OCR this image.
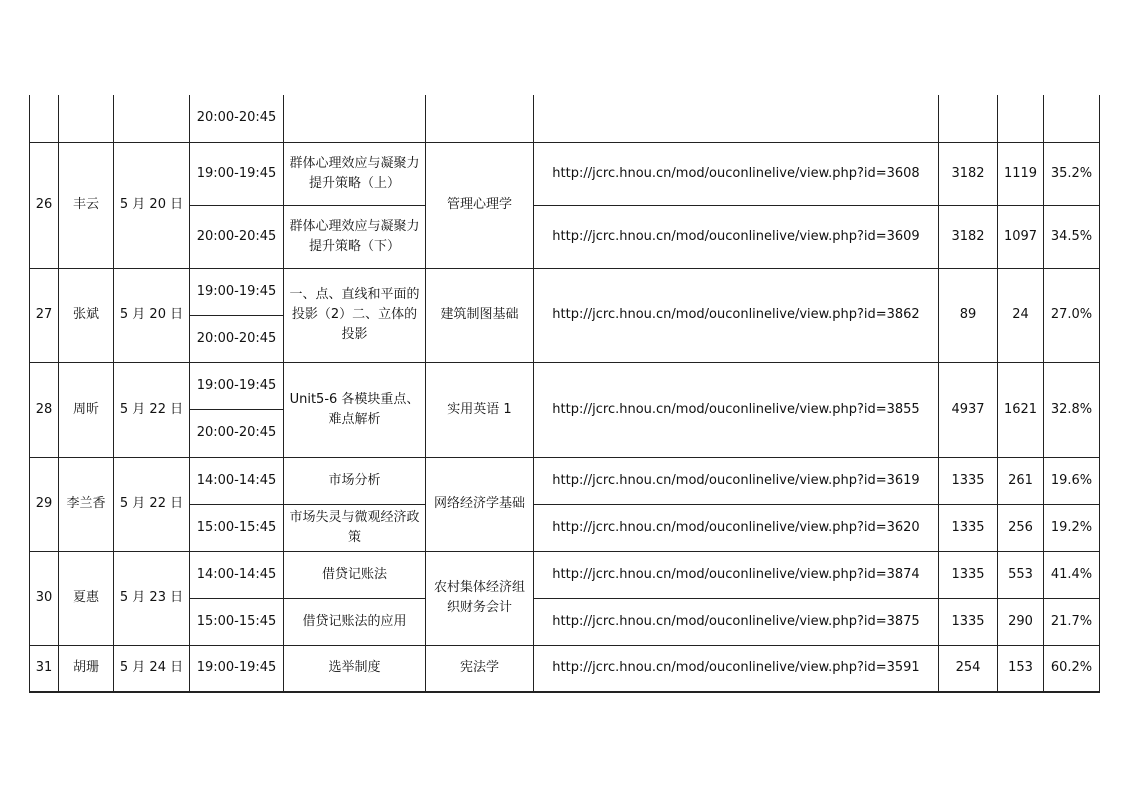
			20:00-20:45						
26	丰云	5 月 20 日	19:00-19:45	群体心理效应与凝聚力提升策略（上）	管理心理学	http://jcrc.hnou.cn/mod/ouconlinelive/view.php?id=3608	3182	1119	35.2%
			20:00-20:45	群体心理效应与凝聚力提升策略（下）		http://jcrc.hnou.cn/mod/ouconlinelive/view.php?id=3609	3182	1097	34.5%
27	张斌	5 月 20 日	19:00-19:45	一、点、直线和平面的投影（2）二、立体的投影	建筑制图基础	http://jcrc.hnou.cn/mod/ouconlinelive/view.php?id=3862	89	24	27.0%
			20:00-20:45						
28	周昕	5 月 22 日	19:00-19:45	Unit5-6 各模块重点、难点解析	实用英语 1	http://jcrc.hnou.cn/mod/ouconlinelive/view.php?id=3855	4937	1621	32.8%
			20:00-20:45						
29	李兰香	5 月 22 日	14:00-14:45	市场分析	网络经济学基础	http://jcrc.hnou.cn/mod/ouconlinelive/view.php?id=3619	1335	261	19.6%
			15:00-15:45	市场失灵与微观经济政策		http://jcrc.hnou.cn/mod/ouconlinelive/view.php?id=3620	1335	256	19.2%
30	夏惠	5 月 23 日	14:00-14:45	借贷记账法	农村集体经济组织财务会计	http://jcrc.hnou.cn/mod/ouconlinelive/view.php?id=3874	1335	553	41.4%
			15:00-15:45	借贷记账法的应用		http://jcrc.hnou.cn/mod/ouconlinelive/view.php?id=3875	1335	290	21.7%
31	胡珊	5 月 24 日	19:00-19:45	选举制度	宪法学	http://jcrc.hnou.cn/mod/ouconlinelive/view.php?id=3591	254	153	60.2%
